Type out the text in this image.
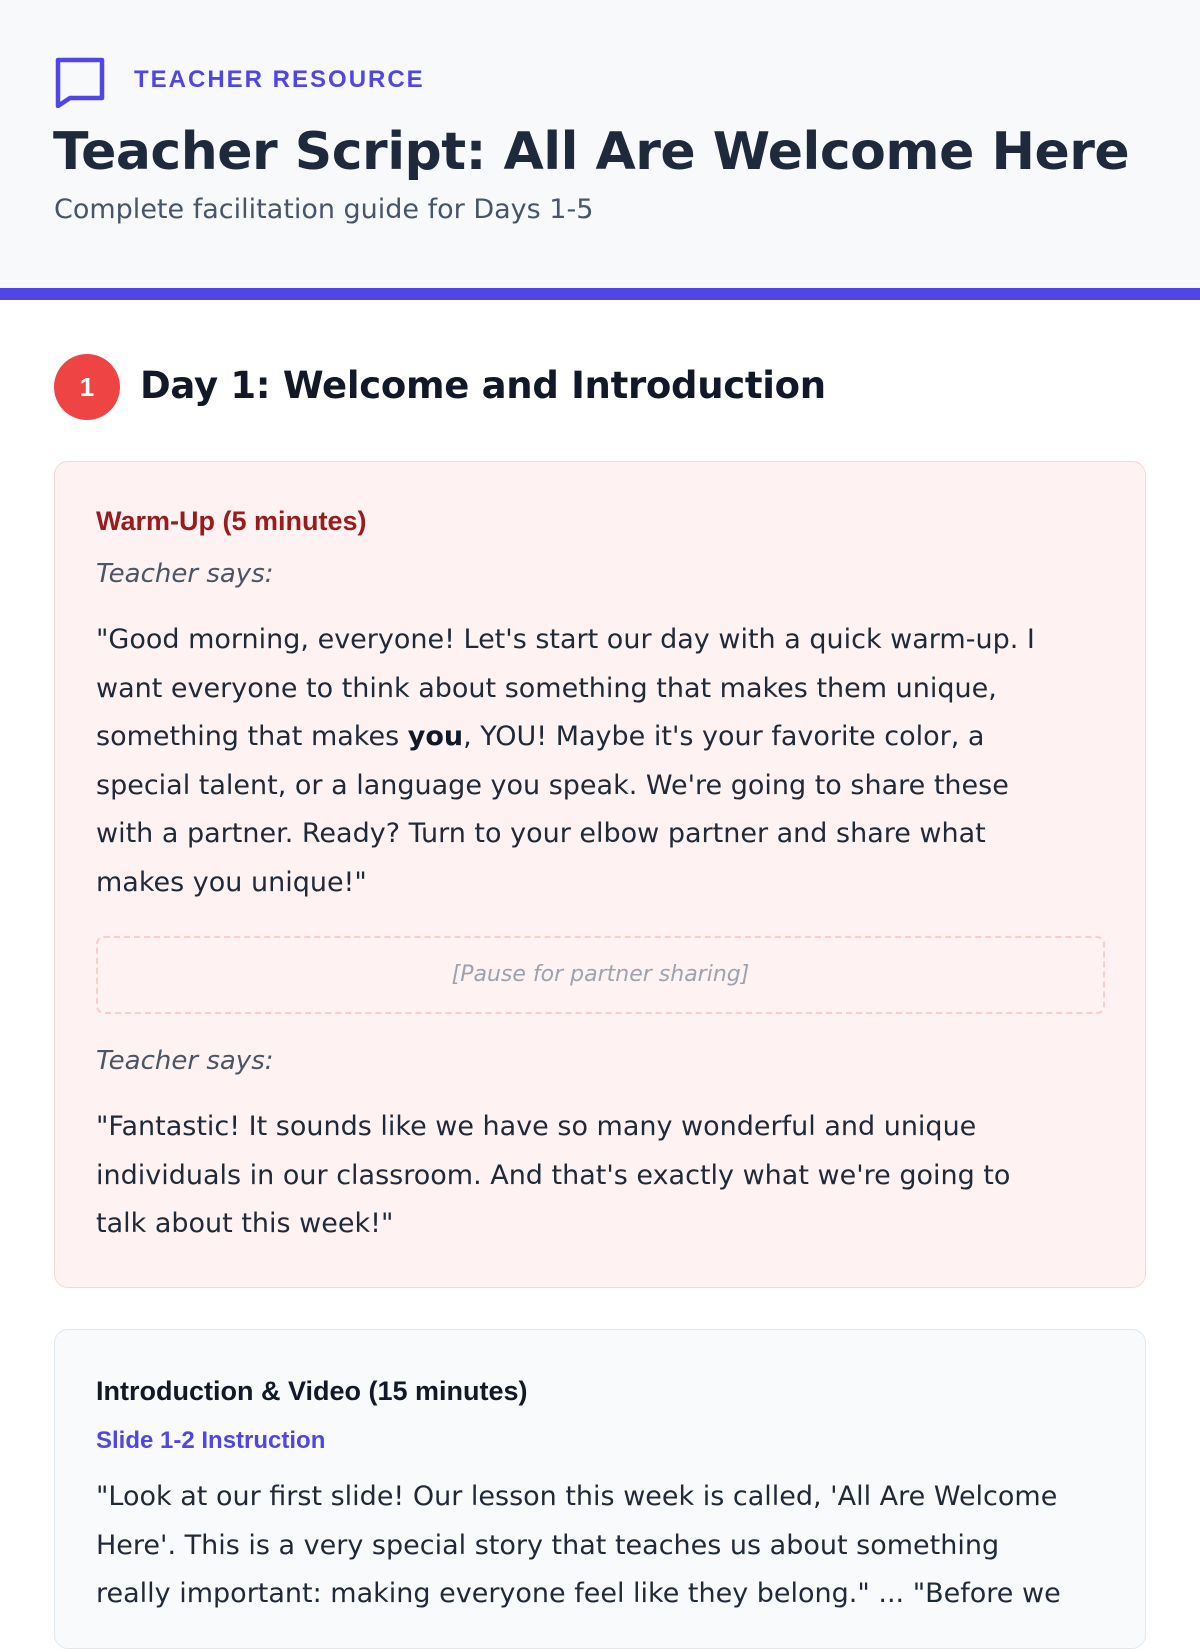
TEACHER RESOURCE
Teacher Script: All Are Welcome Here
Complete facilitation guide for Days 1-5
1	Day 1: Welcome and Introduction
Warm-Up (5 minutes)
Teacher says:
"Good morning, everyone! Let's start our day with a quick warm-up. I
want everyone to think about something that makes them unique,
something that makes you, YOU! Maybe it's your favorite color, a
special talent, or a language you speak. We're going to share these
with a partner. Ready? Turn to your elbow partner and share what
makes you unique!"
[Pause for partner sharing]
Teacher says:
"Fantastic! It sounds like we have so many wonderful and unique
individuals in our classroom. And that's exactly what we're going to
talk about this week!"
Introduction & Video (15 minutes)
Slide 1-2 Instruction
"Look at our first slide! Our lesson this week is called, 'All Are Welcome
Here'. This is a very special story that teaches us about something
really important: making everyone feel like they belong." ... "Before we
